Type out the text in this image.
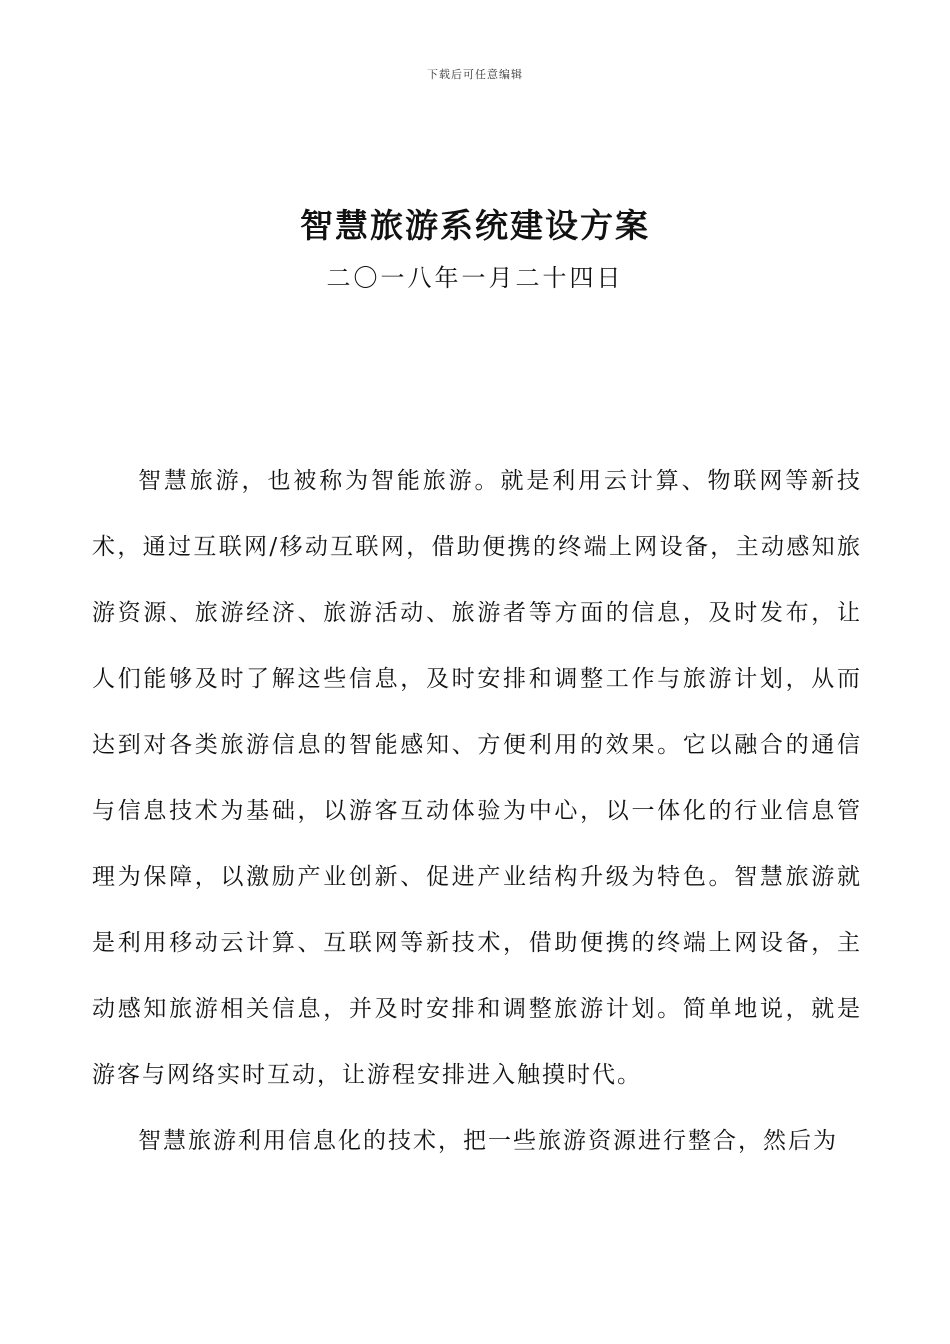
下载后可任意编辑
智慧旅游系统建设方案
二〇一八年一月二十四日

智慧旅游，也被称为智能旅游。就是利用云计算、物联网等新技术，通过互联网/移动互联网，借助便携的终端上网设备，主动感知旅游资源、旅游经济、旅游活动、旅游者等方面的信息，及时发布，让人们能够及时了解这些信息，及时安排和调整工作与旅游计划，从而达到对各类旅游信息的智能感知、方便利用的效果。它以融合的通信与信息技术为基础，以游客互动体验为中心，以一体化的行业信息管理为保障，以激励产业创新、促进产业结构升级为特色。智慧旅游就是利用移动云计算、互联网等新技术，借助便携的终端上网设备，主动感知旅游相关信息，并及时安排和调整旅游计划。简单地说，就是游客与网络实时互动，让游程安排进入触摸时代。

智慧旅游利用信息化的技术，把一些旅游资源进行整合，然后为
